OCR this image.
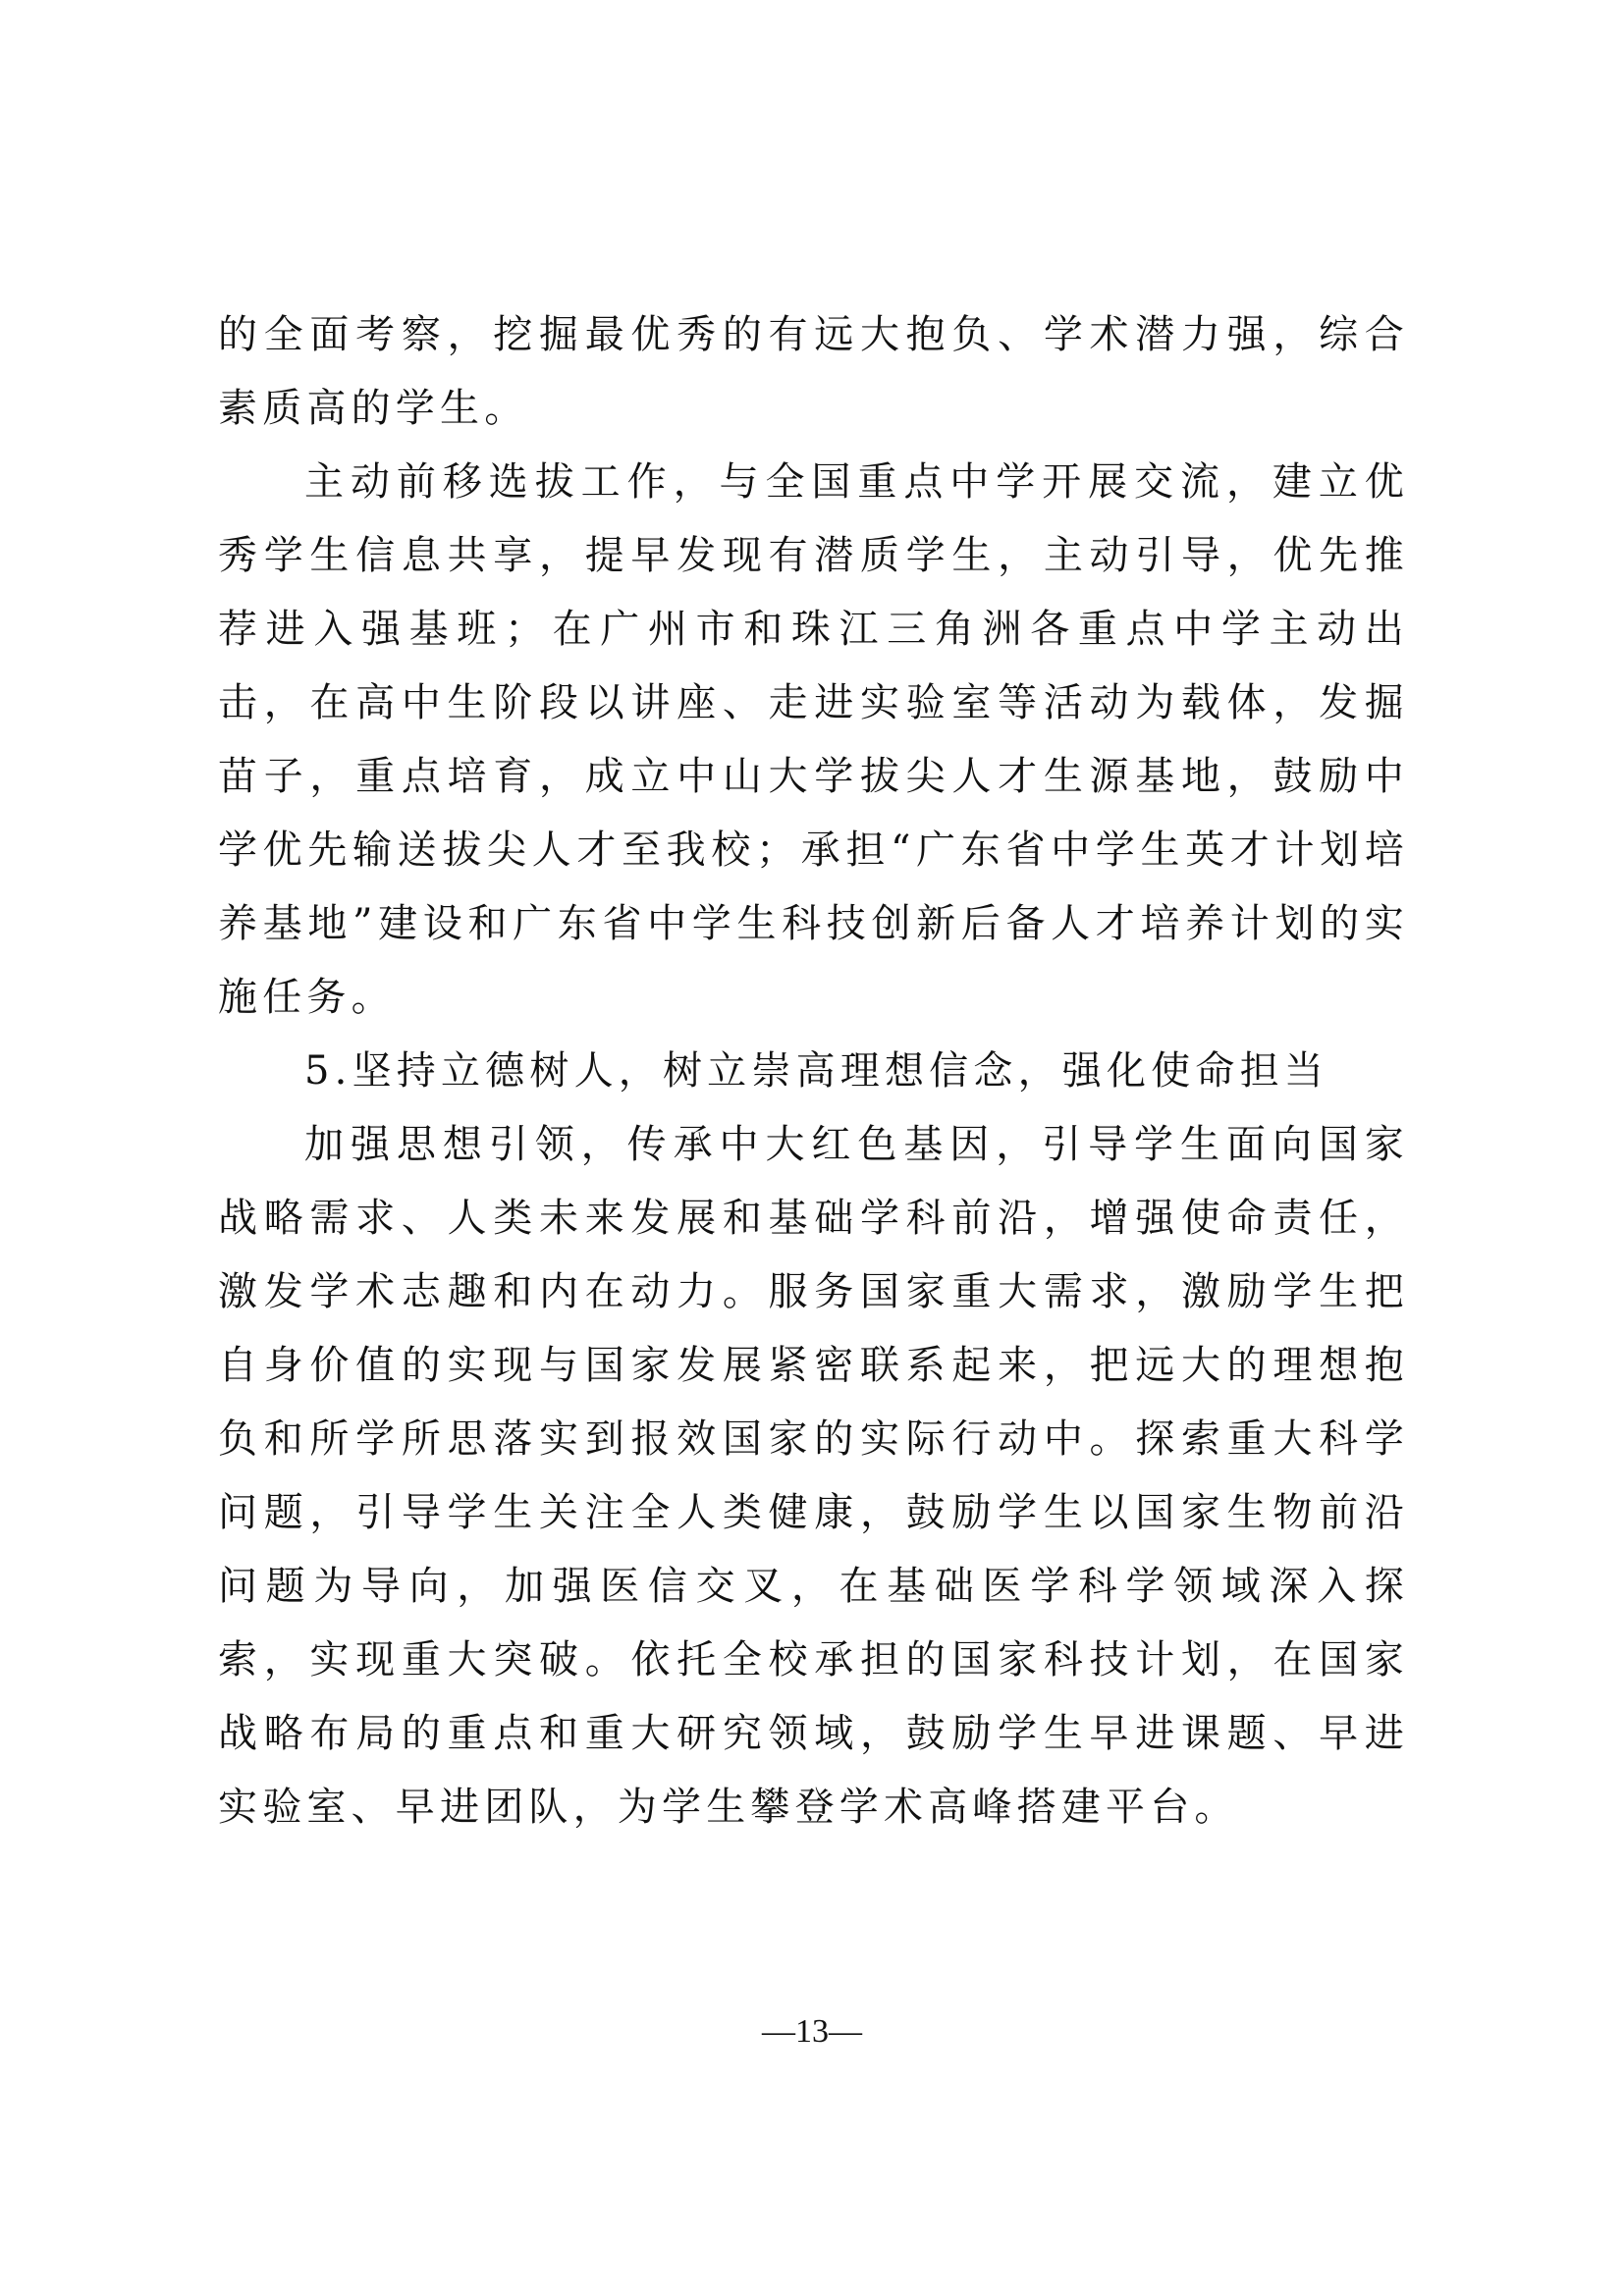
的全面考察，挖掘最优秀的有远大抱负、学术潜力强，综合素质高的学生。

主动前移选拔工作，与全国重点中学开展交流，建立优秀学生信息共享，提早发现有潜质学生，主动引导，优先推荐进入强基班；在广州市和珠江三角洲各重点中学主动出击，在高中生阶段以讲座、走进实验室等活动为载体，发掘苗子，重点培育，成立中山大学拔尖人才生源基地，鼓励中学优先输送拔尖人才至我校；承担“广东省中学生英才计划培养基地”建设和广东省中学生科技创新后备人才培养计划的实施任务。

5.坚持立德树人，树立崇高理想信念，强化使命担当

加强思想引领，传承中大红色基因，引导学生面向国家战略需求、人类未来发展和基础学科前沿，增强使命责任，激发学术志趣和内在动力。服务国家重大需求，激励学生把自身价值的实现与国家发展紧密联系起来，把远大的理想抱负和所学所思落实到报效国家的实际行动中。探索重大科学问题，引导学生关注全人类健康，鼓励学生以国家生物前沿问题为导向，加强医信交叉，在基础医学科学领域深入探索，实现重大突破。依托全校承担的国家科技计划，在国家战略布局的重点和重大研究领域，鼓励学生早进课题、早进实验室、早进团队，为学生攀登学术高峰搭建平台。

—13—
